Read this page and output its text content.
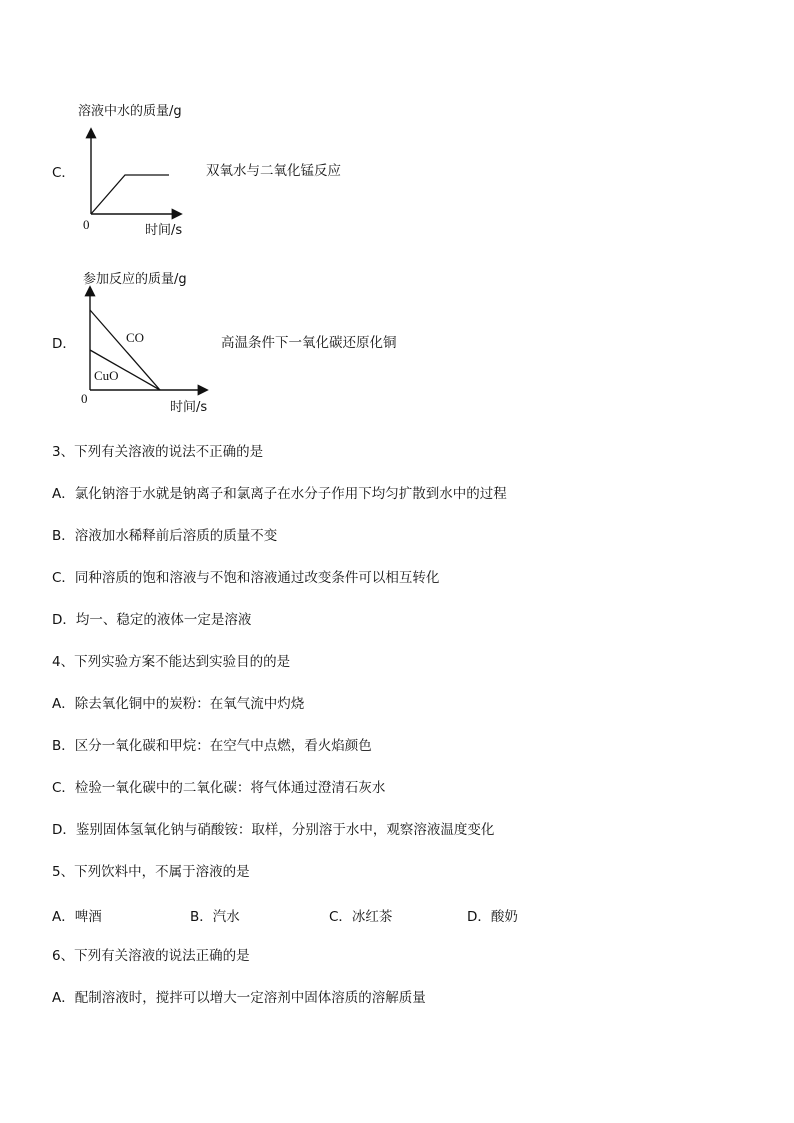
C．
溶液中水的质量/g
0	时间/s
双氧水与二氧化锰反应
D．
参加反应的质量/g
CO
CuO
0
时间/s
高温条件下一氧化碳还原化铜
3、下列有关溶液的说法不正确的是
A．氯化钠溶于水就是钠离子和氯离子在水分子作用下均匀扩散到水中的过程
B．溶液加水稀释前后溶质的质量不变
C．同种溶质的饱和溶液与不饱和溶液通过改变条件可以相互转化
D．均一、稳定的液体一定是溶液
4、下列实验方案不能达到实验目的的是
A．除去氧化铜中的炭粉：在氧气流中灼烧
B．区分一氧化碳和甲烷：在空气中点燃，看火焰颜色
C．检验一氧化碳中的二氧化碳：将气体通过澄清石灰水
D．鉴别固体氢氧化钠与硝酸铵：取样，分别溶于水中，观察溶液温度变化
5、下列饮料中，不属于溶液的是
A．啤酒	B．汽水	C．冰红茶	D．酸奶
6、下列有关溶液的说法正确的是
A．配制溶液时，搅拌可以增大一定溶剂中固体溶质的溶解质量
